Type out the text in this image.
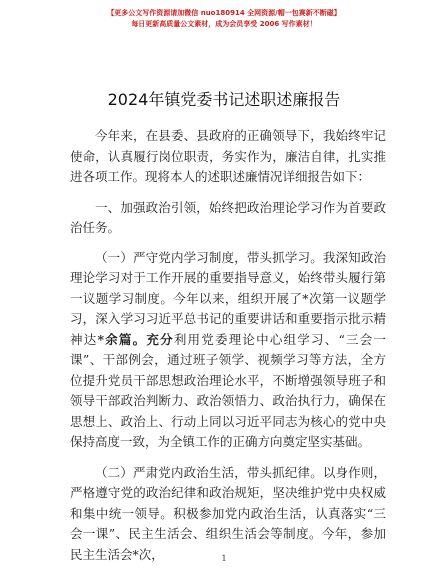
【更多公文写作资源请加微信 nuo180914 全网资源/帽一包赛新不断磁】
每日更新高质量公文素材，成为会员享受 2006 写作素材！
2024年镇党委书记述职述廉报告

今年来，在县委、县政府的正确领导下，我始终牢记使命，认真履行岗位职责，务实作为，廉洁自律，扎实推进各项工作。现将本人的述职述廉情况详细报告如下：

一、加强政治引领，始终把政治理论学习作为首要政治任务。

（一）严守党内学习制度，带头抓学习。我深知政治理论学习对于工作开展的重要指导意义，始终带头履行第一议题学习制度。今年以来，组织开展了*次第一议题学习，深入学习习近平总书记的重要讲话和重要指示批示精神达*余篇。充分利用党委理论中心组学习、“三会一课”、干部例会，通过班子领学、视频学习等方法，全方位提升党员干部思想政治理论水平，不断增强领导班子和领导干部政治判断力、政治领悟力、政治执行力，确保在思想上、政治上、行动上同以习近平同志为核心的党中央保持高度一致，为全镇工作的正确方向奠定坚实基础。

（二）严肃党内政治生活，带头抓纪律。以身作则，严格遵守党的政治纪律和政治规矩，坚决维护党中央权威和集中统一领导。积极参加党内政治生活，认真落实“三会一课”、民主生活会、组织生活会等制度。今年，参加民主生活会*次，	1
